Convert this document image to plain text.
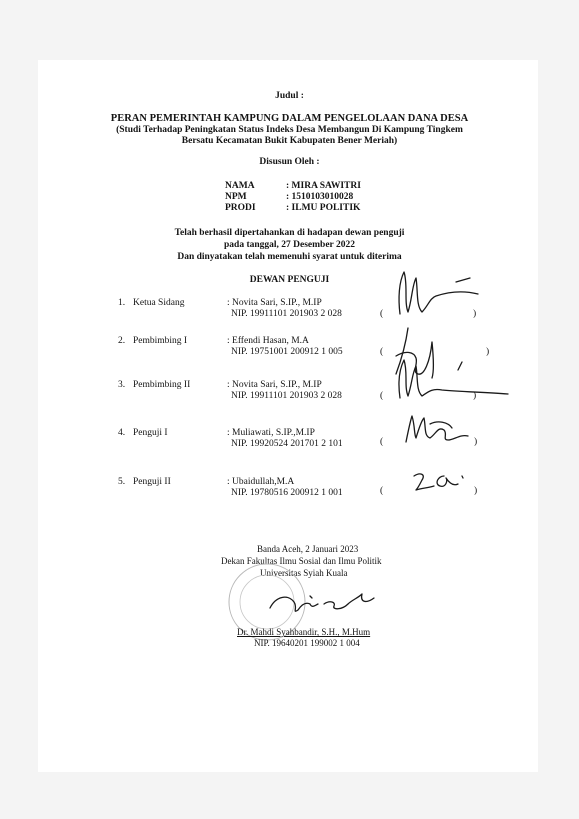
Judul :
PERAN PEMERINTAH KAMPUNG DALAM PENGELOLAAN DANA DESA
(Studi Terhadap Peningkatan Status Indeks Desa Membangun Di Kampung Tingkem
Bersatu Kecamatan Bukit Kabupaten Bener Meriah)
Disusun Oleh :
NAMA	: MIRA SAWITRI
NPM	: 1510103010028
PRODI	: ILMU POLITIK
Telah berhasil dipertahankan di hadapan dewan penguji
pada tanggal, 27 Desember 2022
Dan dinyatakan telah memenuhi syarat untuk diterima
DEWAN PENGUJI
1. Ketua Sidang	: Novita Sari, S.IP., M.IP
NIP. 19911101 201903 2 028	(	)
2. Pembimbing I	: Effendi Hasan, M.A
NIP. 19751001 200912 1 005	(	)
3. Pembimbing II	: Novita Sari, S.IP., M.IP
NIP. 19911101 201903 2 028	(	)
4. Penguji I	: Muliawati, S.IP.,M.IP
NIP. 19920524 201701 2 101	(	)
5. Penguji II	: Ubaidullah,M.A
NIP. 19780516 200912 1 001	(	)
Banda Aceh, 2 Januari 2023
Dekan Fakultas Ilmu Sosial dan Ilmu Politik
Universitas Syiah Kuala
Dr. Mahdi Syahbandir, S.H., M.Hum
NIP. 19640201 199002 1 004
